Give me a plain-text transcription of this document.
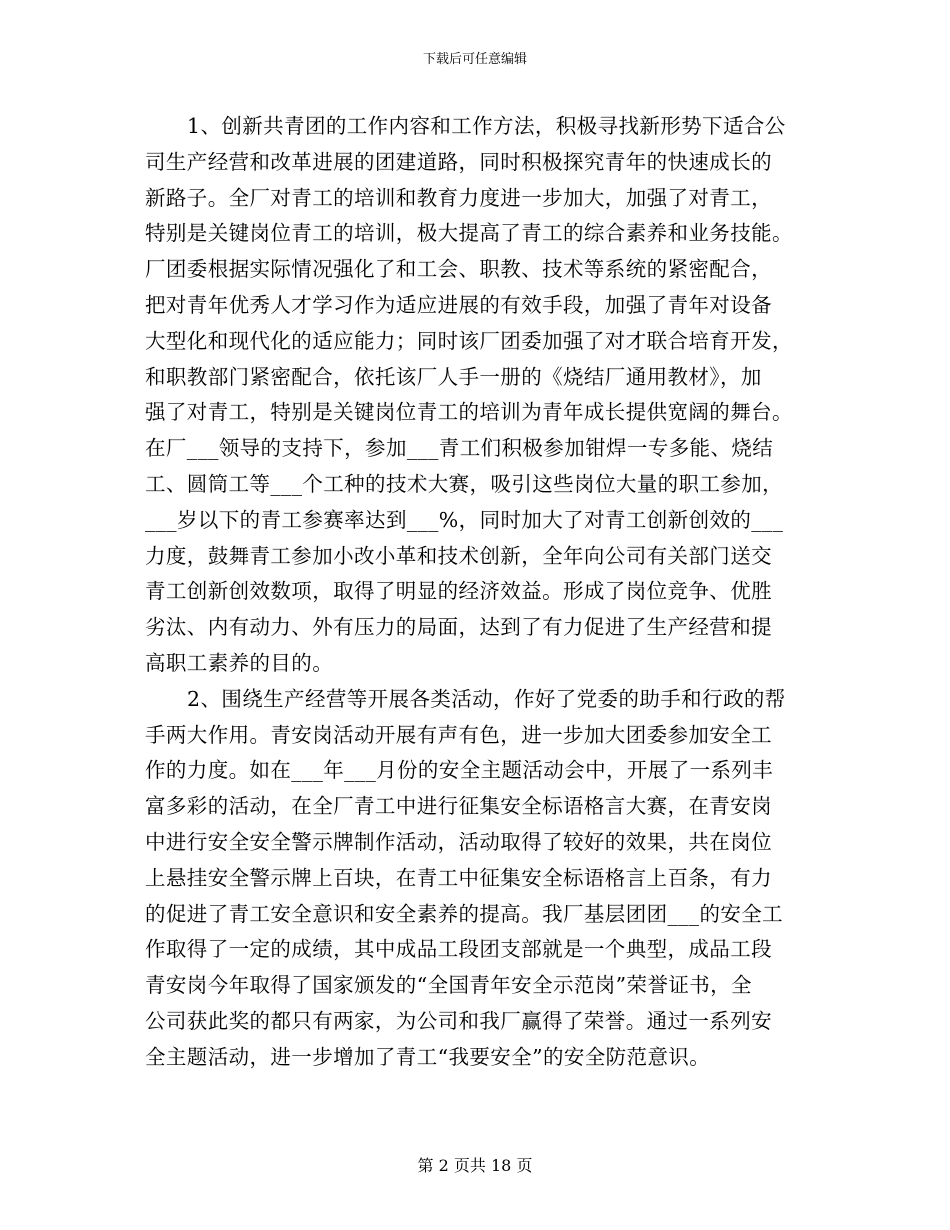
下载后可任意编辑
1、创新共青团的工作内容和工作方法，积极寻找新形势下适合公
司生产经营和改革进展的团建道路，同时积极探究青年的快速成长的
新路子。全厂对青工的培训和教育力度进一步加大，加强了对青工，
特别是关键岗位青工的培训，极大提高了青工的综合素养和业务技能。
厂团委根据实际情况强化了和工会、职教、技术等系统的紧密配合，
把对青年优秀人才学习作为适应进展的有效手段，加强了青年对设备
大型化和现代化的适应能力；同时该厂团委加强了对才联合培育开发，
和职教部门紧密配合，依托该厂人手一册的《烧结厂通用教材》，加
强了对青工，特别是关键岗位青工的培训为青年成长提供宽阔的舞台。
在厂___领导的支持下，参加___青工们积极参加钳焊一专多能、烧结
工、圆筒工等___个工种的技术大赛，吸引这些岗位大量的职工参加，
___岁以下的青工参赛率达到___%，同时加大了对青工创新创效的___
力度，鼓舞青工参加小改小革和技术创新，全年向公司有关部门送交
青工创新创效数项，取得了明显的经济效益。形成了岗位竞争、优胜
劣汰、内有动力、外有压力的局面，达到了有力促进了生产经营和提
高职工素养的目的。
2、围绕生产经营等开展各类活动，作好了党委的助手和行政的帮
手两大作用。青安岗活动开展有声有色，进一步加大团委参加安全工
作的力度。如在___年___月份的安全主题活动会中，开展了一系列丰
富多彩的活动，在全厂青工中进行征集安全标语格言大赛，在青安岗
中进行安全安全警示牌制作活动，活动取得了较好的效果，共在岗位
上悬挂安全警示牌上百块，在青工中征集安全标语格言上百条，有力
的促进了青工安全意识和安全素养的提高。我厂基层团团___的安全工
作取得了一定的成绩，其中成品工段团支部就是一个典型，成品工段
青安岗今年取得了国家颁发的“全国青年安全示范岗”荣誉证书，全
公司获此奖的都只有两家，为公司和我厂赢得了荣誉。通过一系列安
全主题活动，进一步增加了青工“我要安全”的安全防范意识。
第 2 页共 18 页
